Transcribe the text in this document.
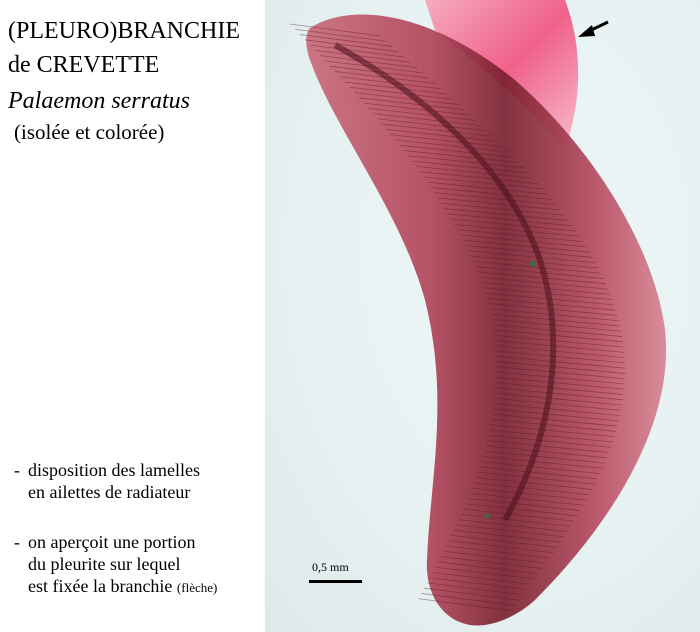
(PLEURO)BRANCHIE
de CREVETTE
Palaemon serratus
(isolée et colorée)
- disposition des lamelles
en ailettes de radiateur
- on aperçoit une portion
du pleurite sur lequel
est fixée la branchie (flèche)
0,5 mm
